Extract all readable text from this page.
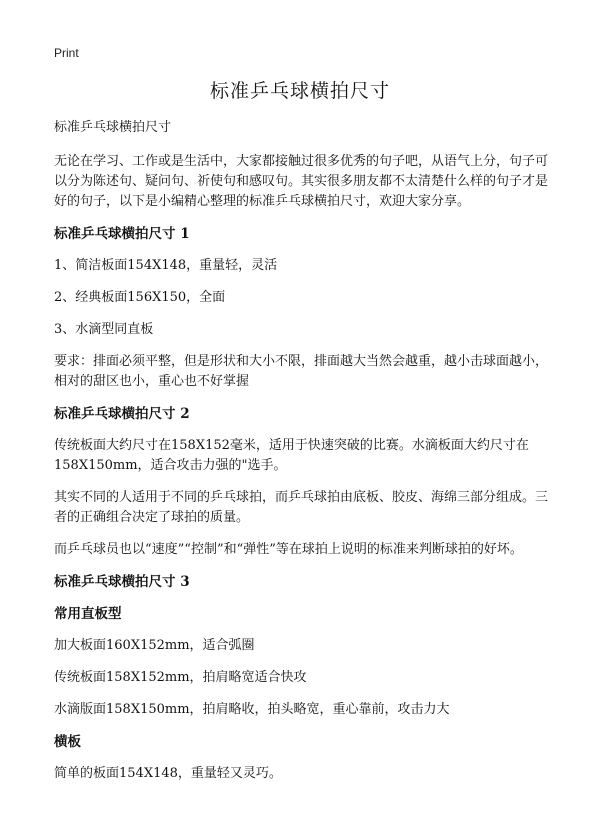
Print
标准乒乓球横拍尺寸
标准乒乓球横拍尺寸
无论在学习、工作或是生活中，大家都接触过很多优秀的句子吧，从语气上分，句子可以分为陈述句、疑问句、祈使句和感叹句。其实很多朋友都不太清楚什么样的句子才是好的句子，以下是小编精心整理的标准乒乓球横拍尺寸，欢迎大家分享。
标准乒乓球横拍尺寸 1
1、简洁板面154X148，重量轻，灵活
2、经典板面156X150，全面
3、水滴型同直板
要求：排面必须平整，但是形状和大小不限，排面越大当然会越重，越小击球面越小，相对的甜区也小，重心也不好掌握
标准乒乓球横拍尺寸 2
传统板面大约尺寸在158X152毫米，适用于快速突破的比赛。水滴板面大约尺寸在158X150mm，适合攻击力强的"选手。
其实不同的人适用于不同的乒乓球拍，而乒乓球拍由底板、胶皮、海绵三部分组成。三者的正确组合决定了球拍的质量。
而乒乓球员也以“速度”“控制”和“弹性”等在球拍上说明的标准来判断球拍的好坏。
标准乒乓球横拍尺寸 3
常用直板型
加大板面160X152mm，适合弧圈
传统板面158X152mm，拍肩略宽适合快攻
水滴版面158X150mm，拍肩略收，拍头略宽，重心靠前，攻击力大
横板
简单的板面154X148，重量轻又灵巧。
